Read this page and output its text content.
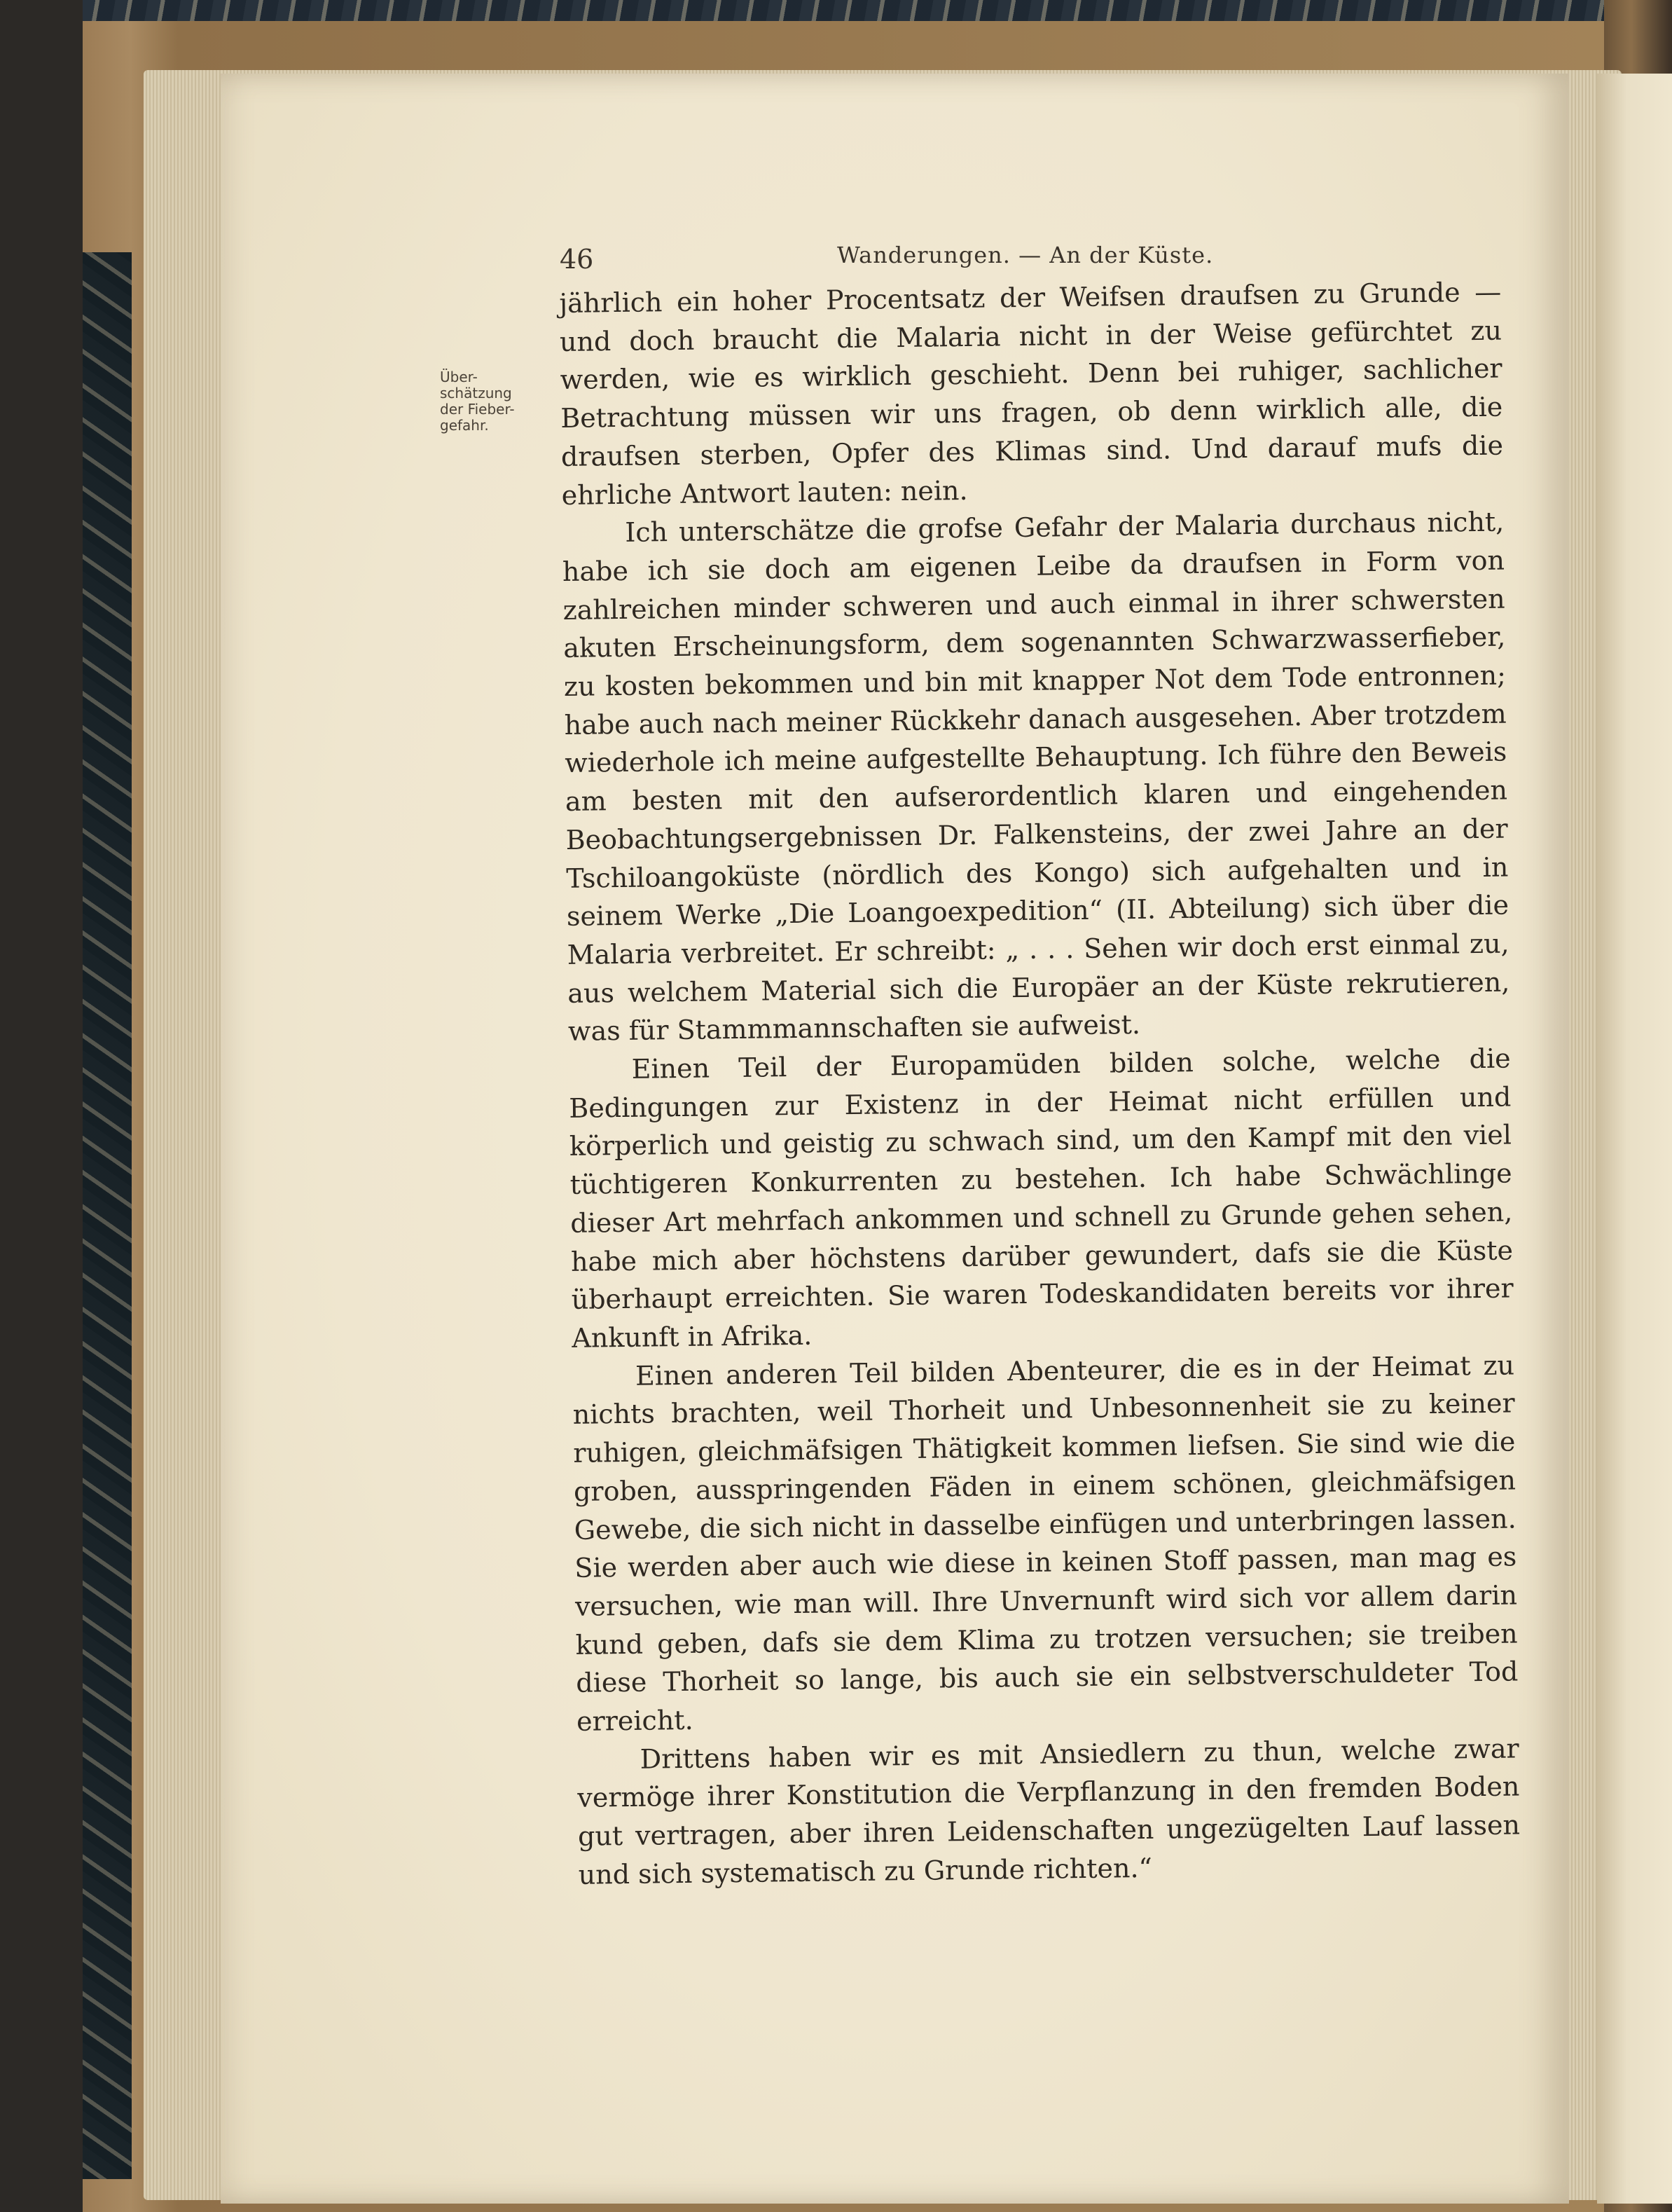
46	Wanderungen. — An der Küste.
Über-
schätzung
der Fieber-
gefahr.

jährlich ein hoher Procentsatz der Weifsen draufsen zu Grunde — und doch braucht die Malaria nicht in der Weise gefürchtet zu werden, wie es wirklich geschieht. Denn bei ruhiger, sachlicher Betrachtung müssen wir uns fragen, ob denn wirklich alle, die draufsen sterben, Opfer des Klimas sind. Und darauf mufs die ehrliche Antwort lauten: nein.

Ich unterschätze die grofse Gefahr der Malaria durchaus nicht, habe ich sie doch am eigenen Leibe da draufsen in Form von zahlreichen minder schweren und auch einmal in ihrer schwersten akuten Erscheinungsform, dem sogenannten Schwarzwasserfieber, zu kosten bekommen und bin mit knapper Not dem Tode entronnen; habe auch nach meiner Rückkehr danach ausgesehen. Aber trotzdem wiederhole ich meine aufgestellte Behauptung. Ich führe den Beweis am besten mit den aufserordentlich klaren und eingehenden Beobachtungsergebnissen Dr. Falkensteins, der zwei Jahre an der Tschiloangoküste (nördlich des Kongo) sich aufgehalten und in seinem Werke „Die Loangoexpedition“ (II. Abteilung) sich über die Malaria verbreitet. Er schreibt: „ . . . Sehen wir doch erst einmal zu, aus welchem Material sich die Europäer an der Küste rekrutieren, was für Stammmannschaften sie aufweist.

Einen Teil der Europamüden bilden solche, welche die Bedingungen zur Existenz in der Heimat nicht erfüllen und körperlich und geistig zu schwach sind, um den Kampf mit den viel tüchtigeren Konkurrenten zu bestehen. Ich habe Schwächlinge dieser Art mehrfach ankommen und schnell zu Grunde gehen sehen, habe mich aber höchstens darüber gewundert, dafs sie die Küste überhaupt erreichten. Sie waren Todeskandidaten bereits vor ihrer Ankunft in Afrika.

Einen anderen Teil bilden Abenteurer, die es in der Heimat zu nichts brachten, weil Thorheit und Unbesonnenheit sie zu keiner ruhigen, gleichmäfsigen Thätigkeit kommen liefsen. Sie sind wie die groben, ausspringenden Fäden in einem schönen, gleichmäfsigen Gewebe, die sich nicht in dasselbe einfügen und unterbringen lassen. Sie werden aber auch wie diese in keinen Stoff passen, man mag es versuchen, wie man will. Ihre Unvernunft wird sich vor allem darin kund geben, dafs sie dem Klima zu trotzen versuchen; sie treiben diese Thorheit so lange, bis auch sie ein selbstverschuldeter Tod erreicht.

Drittens haben wir es mit Ansiedlern zu thun, welche zwar vermöge ihrer Konstitution die Verpflanzung in den fremden Boden gut vertragen, aber ihren Leidenschaften ungezügelten Lauf lassen und sich systematisch zu Grunde richten.“
